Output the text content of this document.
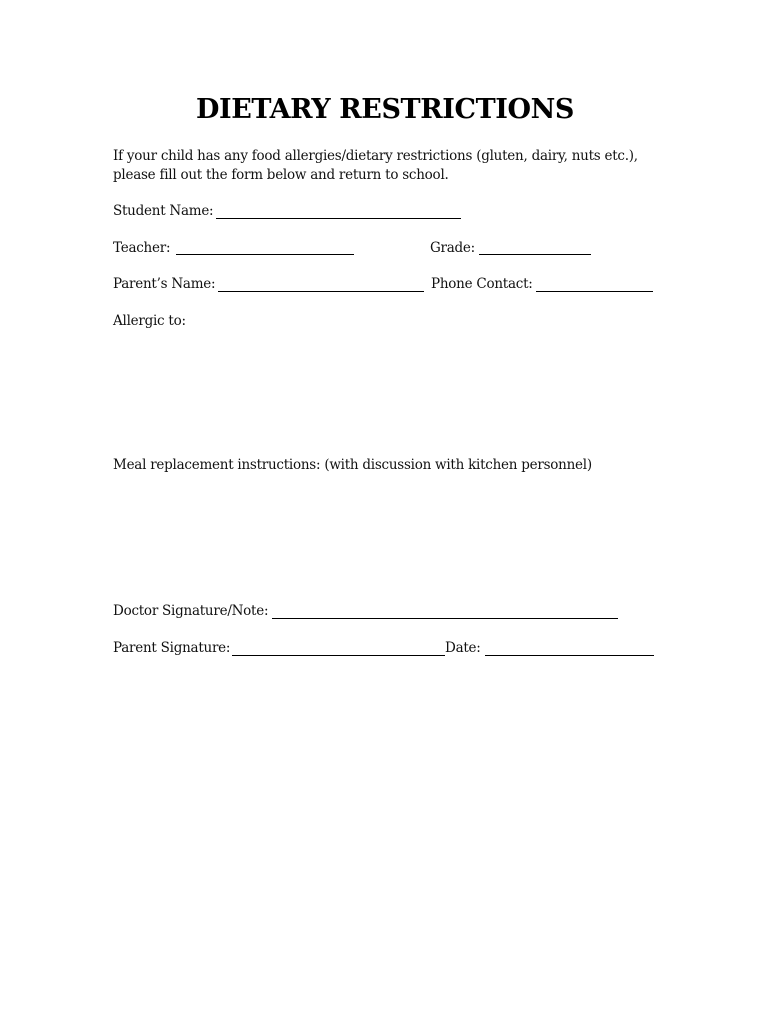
DIETARY RESTRICTIONS
If your child has any food allergies/dietary restrictions (gluten, dairy, nuts etc.),
please fill out the form below and return to school.
Student Name:
Teacher:	Grade:
Parent’s Name:	Phone Contact:
Allergic to:
Meal replacement instructions: (with discussion with kitchen personnel)
Doctor Signature/Note:
Parent Signature:	Date:
